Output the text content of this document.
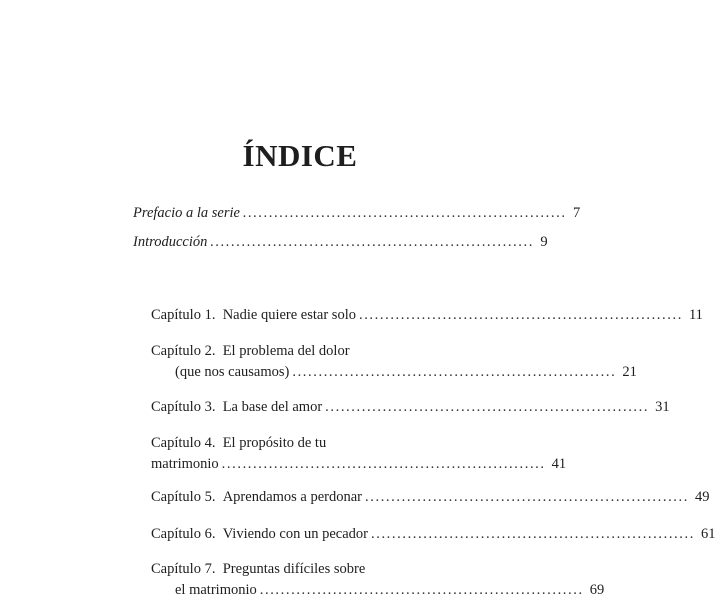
ÍNDICE
Prefacio a la serie .............................................................. 7
Introducción .............................................................. 9
Capítulo 1. Nadie quiere estar solo .............................................................. 11
Capítulo 2. El problema del dolor
(que nos causamos) .............................................................. 21
Capítulo 3. La base del amor .............................................................. 31
Capítulo 4. El propósito de tu
matrimonio .............................................................. 41
Capítulo 5. Aprendamos a perdonar .............................................................. 49
Capítulo 6. Viviendo con un pecador .............................................................. 61
Capítulo 7. Preguntas difíciles sobre
el matrimonio .............................................................. 69
